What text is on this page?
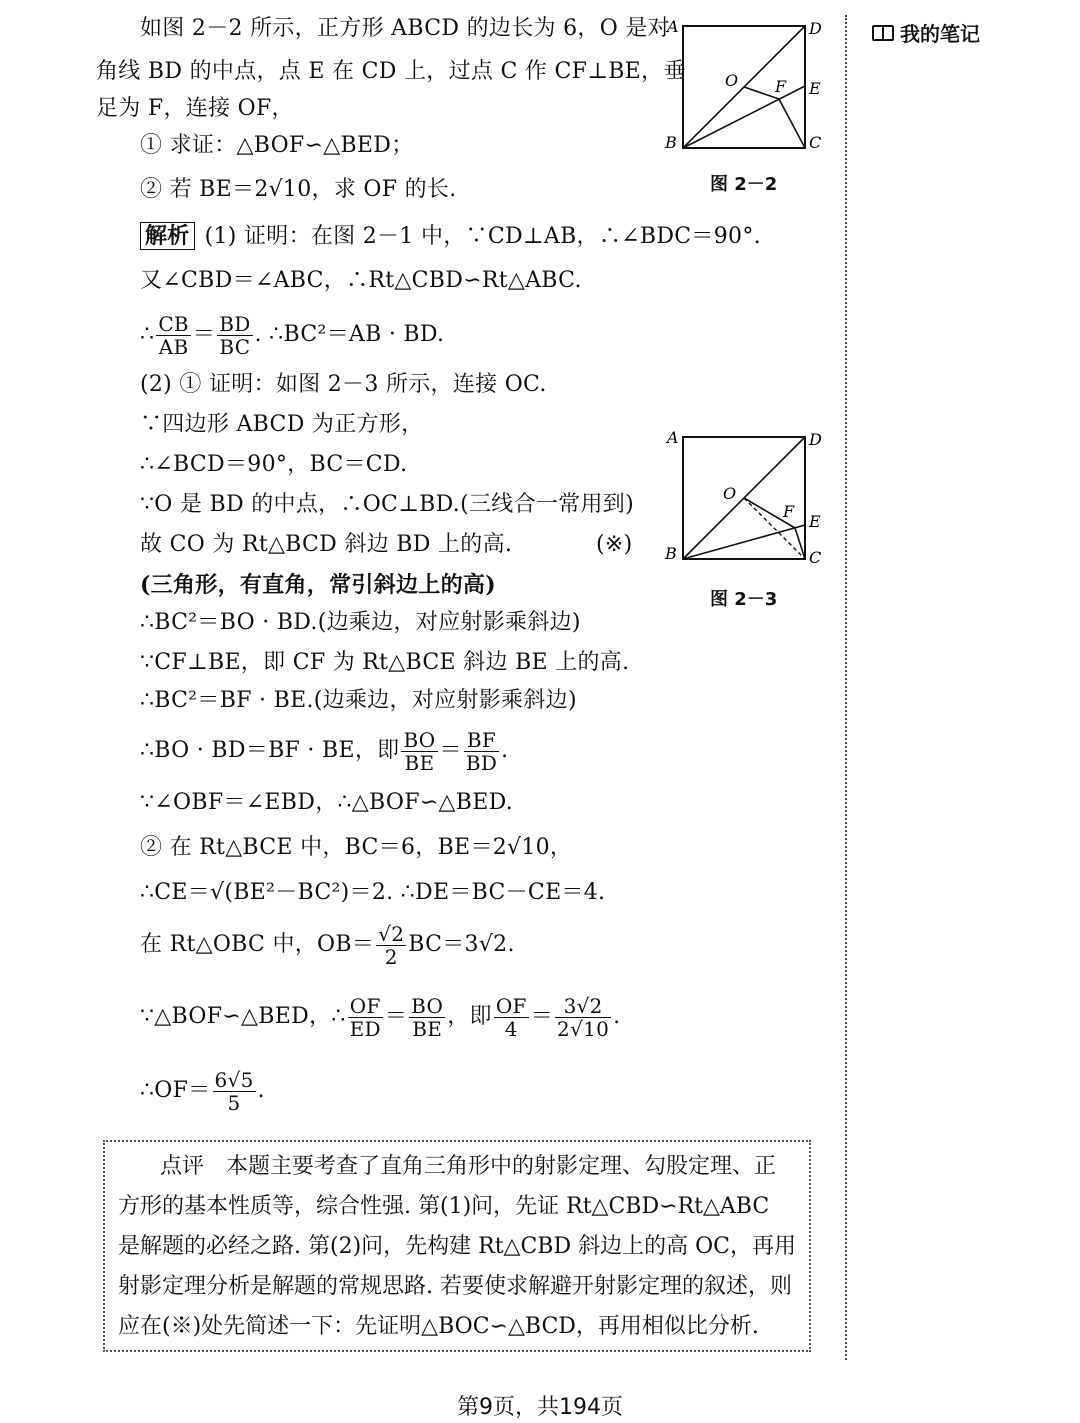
我的笔记
如图 2－2 所示，正方形 ABCD 的边长为 6，O 是对
角线 BD 的中点，点 E 在 CD 上，过点 C 作 CF⊥BE，垂
足为 F，连接 OF，
① 求证：△BOF∽△BED；
② 若 BE＝2√10，求 OF 的长.
A	D
B	C
E
F
O
图 2－2
解析 (1) 证明：在图 2－1 中，∵CD⊥AB，∴∠BDC＝90°.
又∠CBD＝∠ABC，∴Rt△CBD∽Rt△ABC.
∴ $\frac{CB}{AB} = \frac{BD}{BC}$ . ∴BC²＝AB · BD.
(2) ① 证明：如图 2－3 所示，连接 OC.
∵四边形 ABCD 为正方形，
∴∠BCD＝90°，BC＝CD.
∵O 是 BD 的中点，∴OC⊥BD.(三线合一常用到)
故 CO 为 Rt△BCD 斜边 BD 上的高.	(※)
A	D
B	C
E
F
O
图 2－3
(三角形，有直角，常引斜边上的高)
∴BC²＝BO · BD.(边乘边，对应射影乘斜边)
∵CF⊥BE，即 CF 为 Rt△BCE 斜边 BE 上的高.
∴BC²＝BF · BE.(边乘边，对应射影乘斜边)
∴BO · BD＝BF · BE，即 $\frac{BO}{BE} = \frac{BF}{BD}$ .
∵∠OBF＝∠EBD，∴△BOF∽△BED.
② 在 Rt△BCE 中，BC＝6，BE＝2√10，
∴CE＝√(BE²－BC²)＝2. ∴DE＝BC－CE＝4.
在 Rt△OBC 中，$OB= \frac{√2}{2} BC=3√2$.
∵△BOF∽△BED，∴ $\frac{OF}{ED} = \frac{BO}{BE}$ ，即 $\frac{OF}{4} = \frac{3√2}{2√10}$ .
∴OF＝ $\frac{6√5}{5}$ .
点评　本题主要考查了直角三角形中的射影定理、勾股定理、正
方形的基本性质等，综合性强. 第(1)问，先证 Rt△CBD∽Rt△ABC
是解题的必经之路. 第(2)问，先构建 Rt△CBD 斜边上的高 OC，再用
射影定理分析是解题的常规思路. 若要使求解避开射影定理的叙述，则
应在(※)处先简述一下：先证明△BOC∽△BCD，再用相似比分析.
第9页，共194页
